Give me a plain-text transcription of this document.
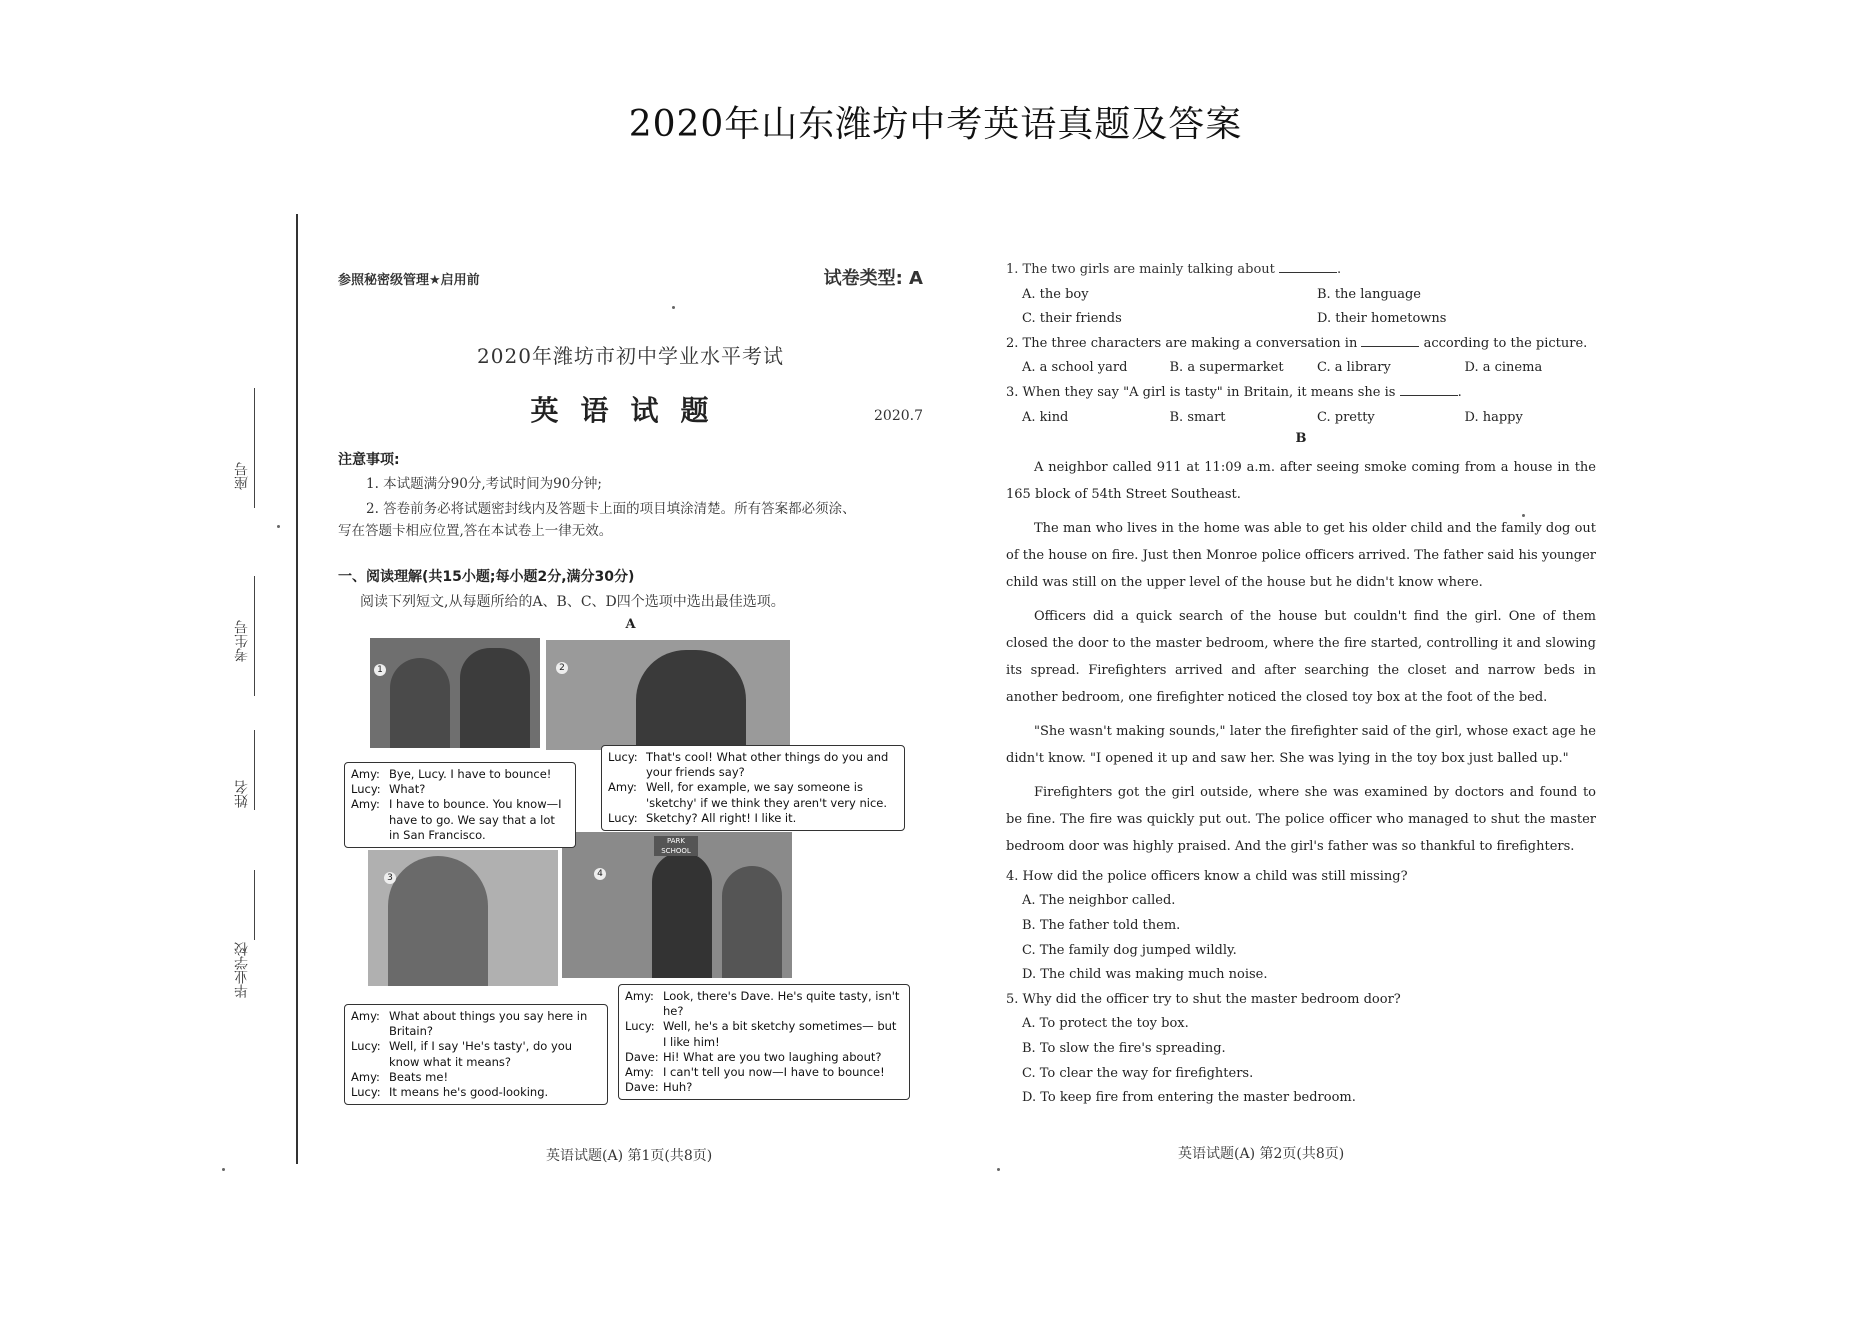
2020年山东潍坊中考英语真题及答案
座号
考生号
姓名
毕业学校
参照秘密级管理★启用前	试卷类型: A
2020年潍坊市初中学业水平考试
英语试题	2020.7
注意事项:
1. 本试题满分90分,考试时间为90分钟;
2. 答卷前务必将试题密封线内及答题卡上面的项目填涂清楚。所有答案都必须涂、
写在答题卡相应位置,答在本试卷上一律无效。
一、阅读理解(共15小题;每小题2分,满分30分)
阅读下列短文,从每题所给的A、B、C、D四个选项中选出最佳选项。
A
1	2
3	4
PARK SCHOOL
Amy: Bye, Lucy. I have to bounce!
Lucy: What?
Amy: I have to bounce. You know—I have to go. We say that a lot in San Francisco.
Lucy: That's cool! What other things do you and your friends say?
Amy: Well, for example, we say someone is 'sketchy' if we think they aren't very nice.
Lucy: Sketchy? All right! I like it.
Amy: What about things you say here in Britain?
Lucy: Well, if I say 'He's tasty', do you know what it means?
Amy: Beats me!
Lucy: It means he's good-looking.
Amy: Look, there's Dave. He's quite tasty, isn't he?
Lucy: Well, he's a bit sketchy sometimes— but I like him!
Dave: Hi! What are you two laughing about?
Amy: I can't tell you now—I have to bounce!
Dave: Huh?
英语试题(A) 第1页(共8页)
1. The two girls are mainly talking about	.
A. the boy	B. the language
C. their friends	D. their hometowns
2. The three characters are making a conversation in	according to the picture.
A. a school yard	B. a supermarket	C. a library	D. a cinema
3. When they say "A girl is tasty" in Britain, it means she is	.
A. kind	B. smart	C. pretty	D. happy
B
A neighbor called 911 at 11:09 a.m. after seeing smoke coming from a house in the 165 block of 54th Street Southeast.
The man who lives in the home was able to get his older child and the family dog out of the house on fire. Just then Monroe police officers arrived. The father said his younger child was still on the upper level of the house but he didn't know where.
Officers did a quick search of the house but couldn't find the girl. One of them closed the door to the master bedroom, where the fire started, controlling it and slowing its spread. Firefighters arrived and after searching the closet and narrow beds in another bedroom, one firefighter noticed the closed toy box at the foot of the bed.
"She wasn't making sounds," later the firefighter said of the girl, whose exact age he didn't know. "I opened it up and saw her. She was lying in the toy box just balled up."
Firefighters got the girl outside, where she was examined by doctors and found to be fine. The fire was quickly put out. The police officer who managed to shut the master bedroom door was highly praised. And the girl's father was so thankful to firefighters.
4. How did the police officers know a child was still missing?
A. The neighbor called.
B. The father told them.
C. The family dog jumped wildly.
D. The child was making much noise.
5. Why did the officer try to shut the master bedroom door?
A. To protect the toy box.
B. To slow the fire's spreading.
C. To clear the way for firefighters.
D. To keep fire from entering the master bedroom.
英语试题(A) 第2页(共8页)
